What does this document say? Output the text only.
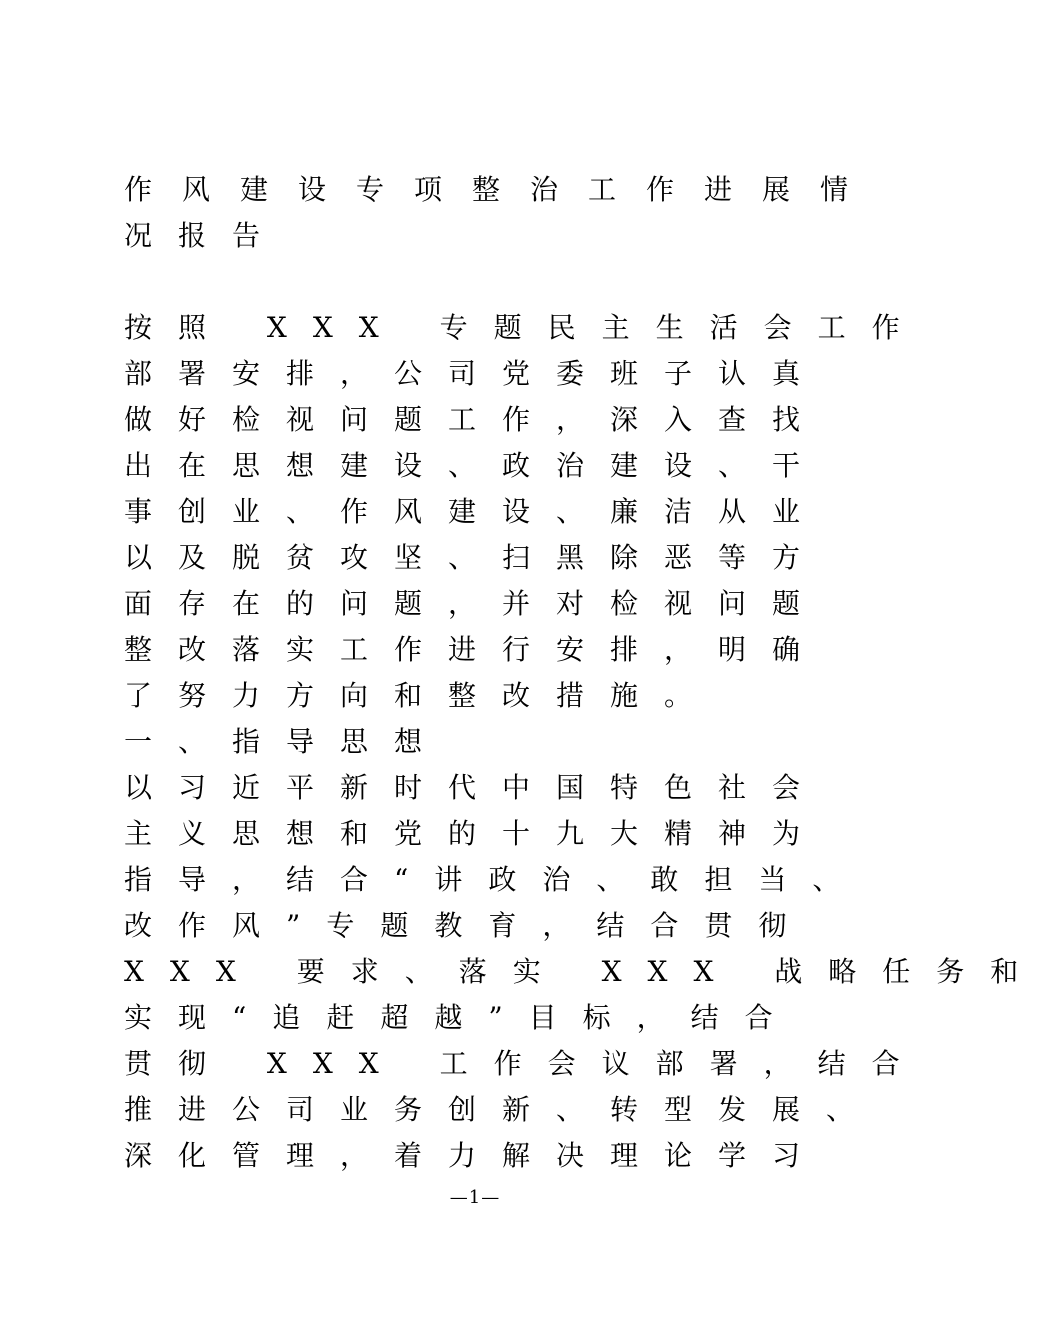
作风建设专项整治工作进展情
况报告
按照 XXX 专题民主生活会工作
部署安排，公司党委班子认真
做好检视问题工作，深入查找
出在思想建设、政治建设、干
事创业、作风建设、廉洁从业
以及脱贫攻坚、扫黑除恶等方
面存在的问题，并对检视问题
整改落实工作进行安排，明确
了努力方向和整改措施。
一、指导思想
以习近平新时代中国特色社会
主义思想和党的十九大精神为
指导，结合“讲政治、敢担当、
改作风”专题教育，结合贯彻
XXX 要求、落实 XXX 战略任务和
实现“追赶超越”目标，结合
贯彻 XXX 工作会议部署，结合
推进公司业务创新、转型发展、
深化管理，着力解决理论学习
—1—
